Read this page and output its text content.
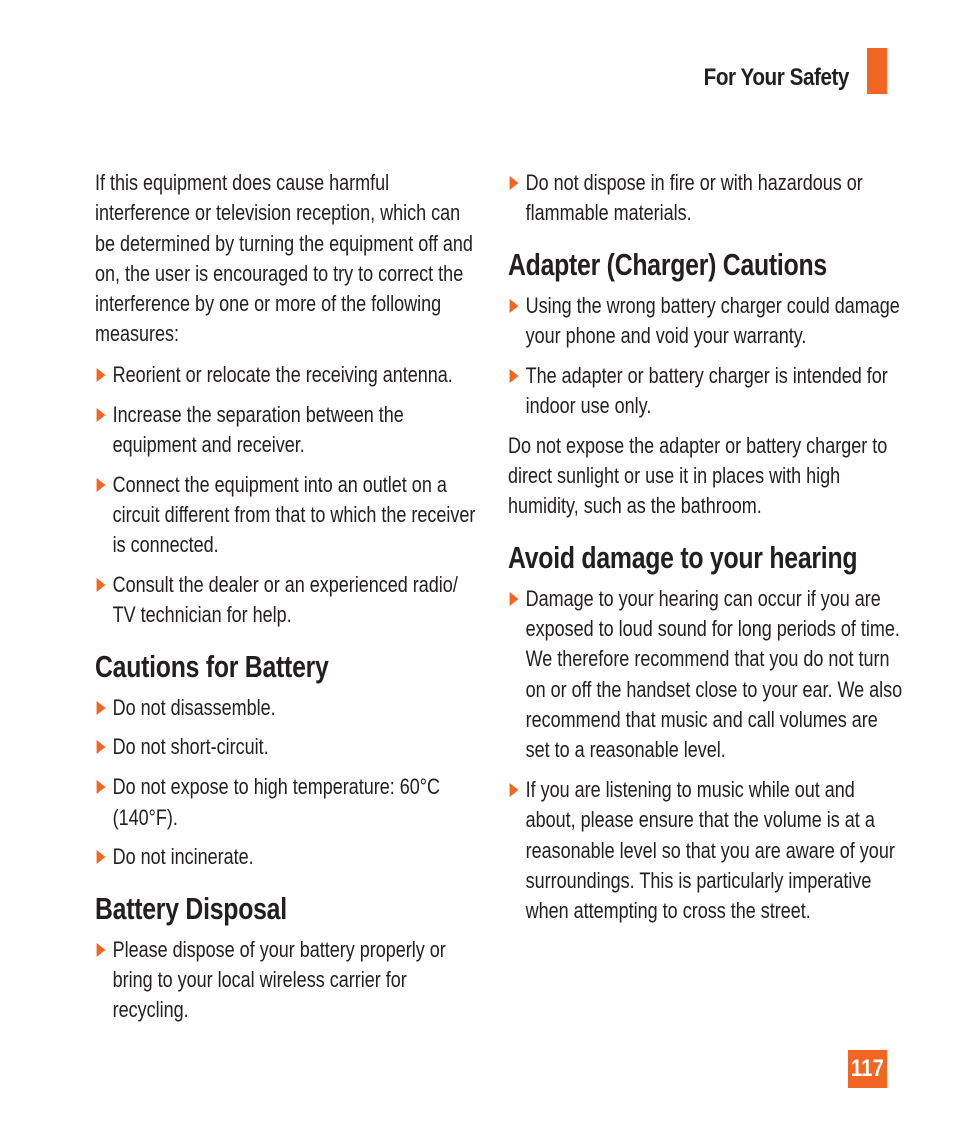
For Your Safety

If this equipment does cause harmful interference or television reception, which can be determined by turning the equipment off and on, the user is encouraged to try to correct the interference by one or more of the following measures:

Reorient or relocate the receiving antenna.
Increase the separation between the equipment and receiver.
Connect the equipment into an outlet on a circuit different from that to which the receiver is connected.
Consult the dealer or an experienced radio/ TV technician for help.
Cautions for Battery
Do not disassemble.
Do not short-circuit.
Do not expose to high temperature: 60°C (140°F).
Do not incinerate.
Battery Disposal
Please dispose of your battery properly or bring to your local wireless carrier for recycling.
Do not dispose in fire or with hazardous or flammable materials.
Adapter (Charger) Cautions
Using the wrong battery charger could damage your phone and void your warranty.
The adapter or battery charger is intended for indoor use only.

Do not expose the adapter or battery charger to direct sunlight or use it in places with high humidity, such as the bathroom.

Avoid damage to your hearing
Damage to your hearing can occur if you are exposed to loud sound for long periods of time. We therefore recommend that you do not turn on or off the handset close to your ear. We also recommend that music and call volumes are set to a reasonable level.
If you are listening to music while out and about, please ensure that the volume is at a reasonable level so that you are aware of your surroundings. This is particularly imperative when attempting to cross the street.
117
